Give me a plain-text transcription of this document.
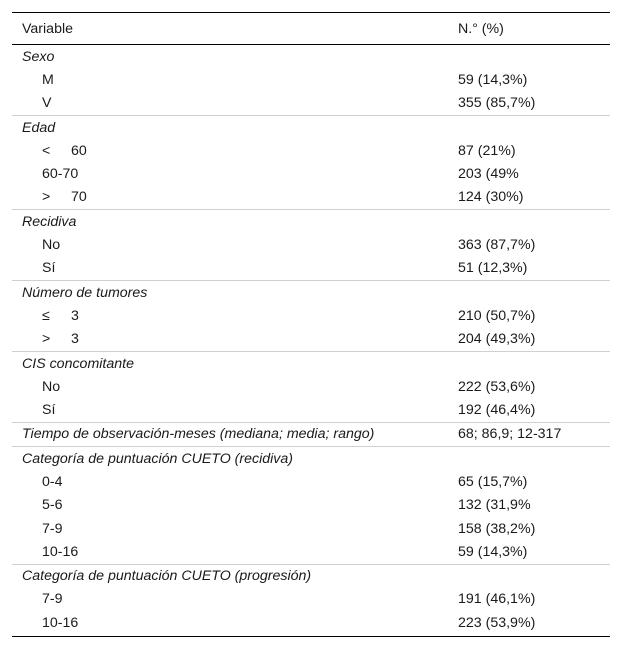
Variable	N.° (%)
Sexo	
M	59 (14,3%)
V	355 (85,7%)
Edad	
< 60	87 (21%)
60-70	203 (49%
> 70	124 (30%)
Recidiva	
No	363 (87,7%)
Sí	51 (12,3%)
Número de tumores	
≤ 3	210 (50,7%)
> 3	204 (49,3%)
CIS concomitante	
No	222 (53,6%)
Sí	192 (46,4%)
Tiempo de observación-meses (mediana; media; rango)	68; 86,9; 12-317
Categoría de puntuación CUETO (recidiva)	
0-4	65 (15,7%)
5-6	132 (31,9%
7-9	158 (38,2%)
10-16	59 (14,3%)
Categoría de puntuación CUETO (progresión)	
7-9	191 (46,1%)
10-16	223 (53,9%)
